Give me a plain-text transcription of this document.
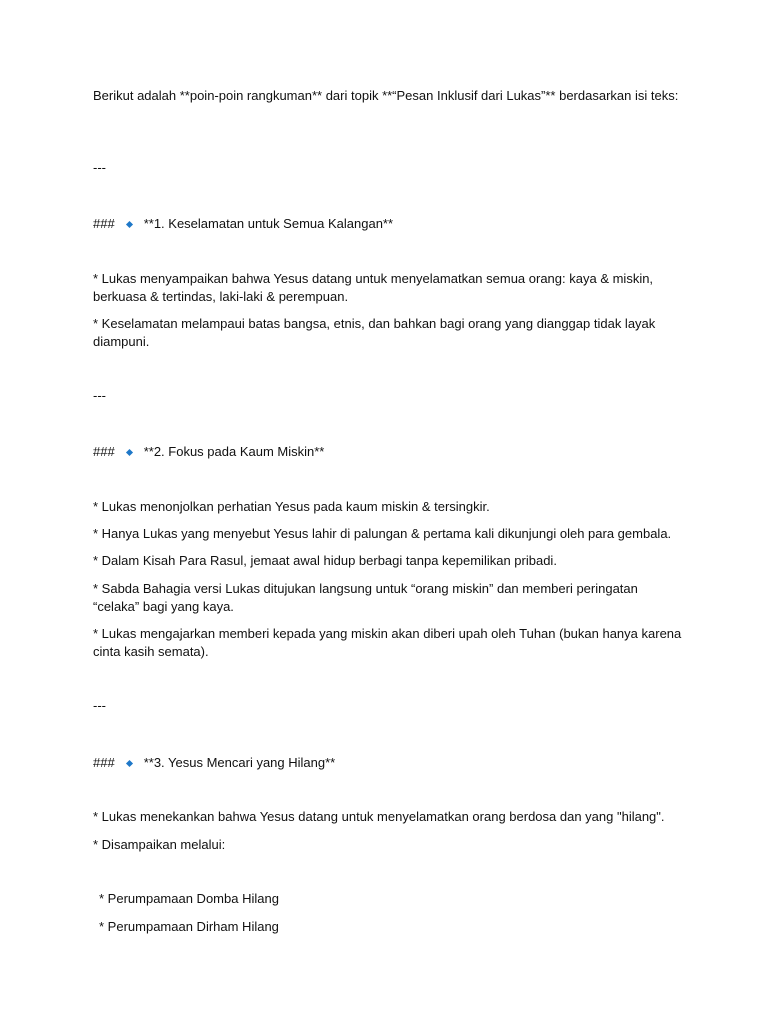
Berikut adalah **poin-poin rangkuman** dari topik **“Pesan Inklusif dari Lukas”** berdasarkan isi teks:
---
### **1. Keselamatan untuk Semua Kalangan**
* Lukas menyampaikan bahwa Yesus datang untuk menyelamatkan semua orang: kaya & miskin, berkuasa & tertindas, laki-laki & perempuan.
* Keselamatan melampaui batas bangsa, etnis, dan bahkan bagi orang yang dianggap tidak layak diampuni.
---
### **2. Fokus pada Kaum Miskin**
* Lukas menonjolkan perhatian Yesus pada kaum miskin & tersingkir.
* Hanya Lukas yang menyebut Yesus lahir di palungan & pertama kali dikunjungi oleh para gembala.
* Dalam Kisah Para Rasul, jemaat awal hidup berbagi tanpa kepemilikan pribadi.
* Sabda Bahagia versi Lukas ditujukan langsung untuk “orang miskin” dan memberi peringatan “celaka” bagi yang kaya.
* Lukas mengajarkan memberi kepada yang miskin akan diberi upah oleh Tuhan (bukan hanya karena cinta kasih semata).
---
### **3. Yesus Mencari yang Hilang**
* Lukas menekankan bahwa Yesus datang untuk menyelamatkan orang berdosa dan yang "hilang".
* Disampaikan melalui:
* Perumpamaan Domba Hilang
* Perumpamaan Dirham Hilang
